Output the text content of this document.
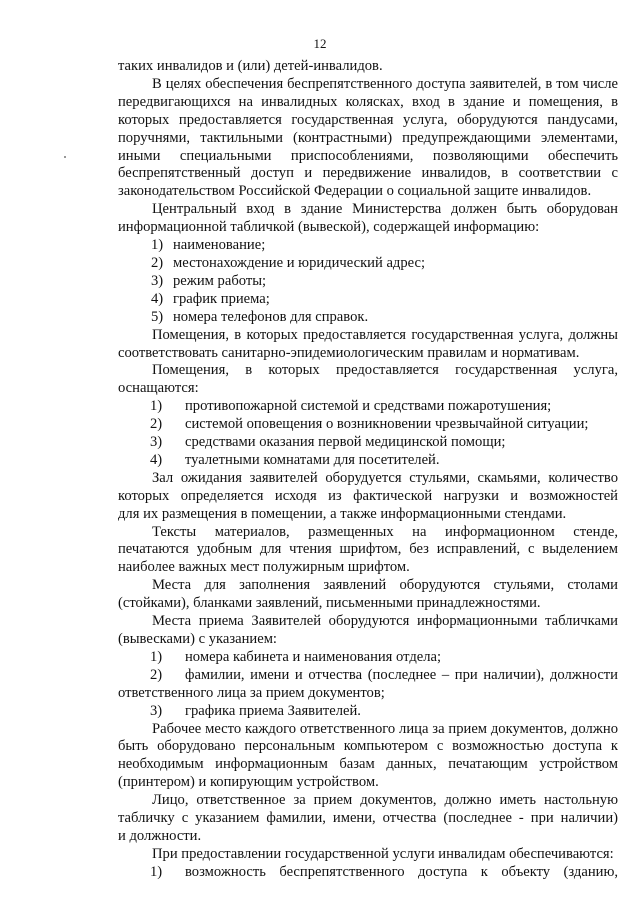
12
таких инвалидов и (или) детей-инвалидов.
В целях обеспечения беспрепятственного доступа заявителей, в том числе
передвигающихся на инвалидных колясках, вход в здание и помещения, в
которых предоставляется государственная услуга, оборудуются пандусами,
поручнями, тактильными (контрастными) предупреждающими элементами,
иными специальными приспособлениями, позволяющими обеспечить
беспрепятственный доступ и передвижение инвалидов, в соответствии с
законодательством Российской Федерации о социальной защите инвалидов.
Центральный вход в здание Министерства должен быть оборудован
информационной табличкой (вывеской), содержащей информацию:
1) наименование;
2) местонахождение и юридический адрес;
3) режим работы;
4) график приема;
5) номера телефонов для справок.
Помещения, в которых предоставляется государственная услуга, должны
соответствовать санитарно-эпидемиологическим правилам и нормативам.
Помещения, в которых предоставляется государственная услуга,
оснащаются:
1) противопожарной системой и средствами пожаротушения;
2) системой оповещения о возникновении чрезвычайной ситуации;
3) средствами оказания первой медицинской помощи;
4) туалетными комнатами для посетителей.
Зал ожидания заявителей оборудуется стульями, скамьями, количество
которых определяется исходя из фактической нагрузки и возможностей
для их размещения в помещении, а также информационными стендами.
Тексты материалов, размещенных на информационном стенде,
печатаются удобным для чтения шрифтом, без исправлений, с выделением
наиболее важных мест полужирным шрифтом.
Места для заполнения заявлений оборудуются стульями, столами
(стойками), бланками заявлений, письменными принадлежностями.
Места приема Заявителей оборудуются информационными табличками
(вывесками) с указанием:
1) номера кабинета и наименования отдела;
2) фамилии, имени и отчества (последнее – при наличии), должности
ответственного лица за прием документов;
3) графика приема Заявителей.
Рабочее место каждого ответственного лица за прием документов, должно
быть оборудовано персональным компьютером с возможностью доступа к
необходимым информационным базам данных, печатающим устройством
(принтером) и копирующим устройством.
Лицо, ответственное за прием документов, должно иметь настольную
табличку с указанием фамилии, имени, отчества (последнее - при наличии)
и должности.
При предоставлении государственной услуги инвалидам обеспечиваются:
1) возможность беспрепятственного доступа к объекту (зданию,
